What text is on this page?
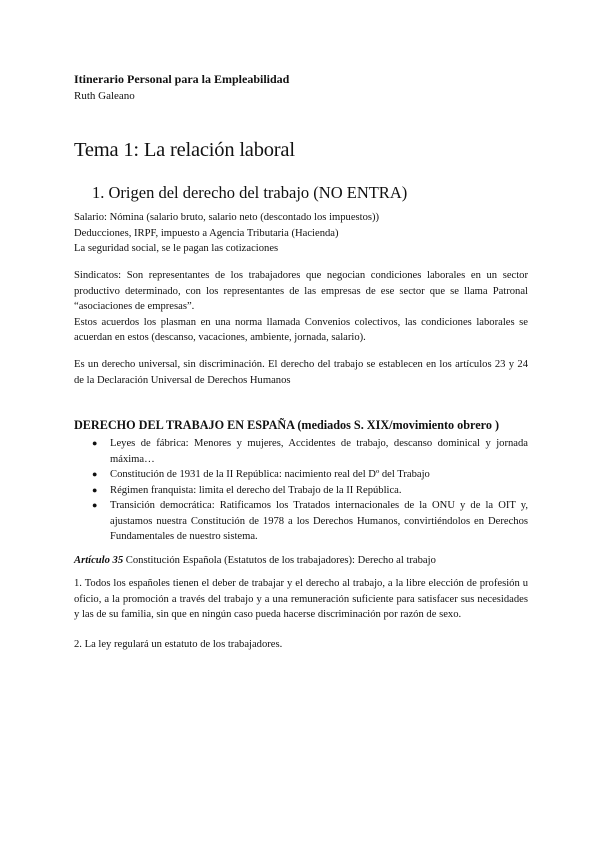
Itinerario Personal para la Empleabilidad

Ruth Galeano

Tema 1: La relación laboral
1. Origen del derecho del trabajo (NO ENTRA)
Salario: Nómina (salario bruto, salario neto (descontado los impuestos))
Deducciones, IRPF, impuesto a Agencia Tributaria (Hacienda)
La seguridad social, se le pagan las cotizaciones
Sindicatos: Son representantes de los trabajadores que negocian condiciones laborales en un sector productivo determinado, con los representantes de las empresas de ese sector que se llama Patronal “asociaciones de empresas”.
Estos acuerdos los plasman en una norma llamada Convenios colectivos, las condiciones laborales se acuerdan en estos (descanso, vacaciones, ambiente, jornada, salario).
Es un derecho universal, sin discriminación. El derecho del trabajo se establecen en los artículos 23 y 24 de la Declaración Universal de Derechos Humanos
DERECHO DEL TRABAJO EN ESPAÑA (mediados S. XIX/movimiento obrero )
● Leyes de fábrica: Menores y mujeres, Accidentes de trabajo, descanso dominical y jornada máxima…
● Constitución de 1931 de la II República: nacimiento real del Dº del Trabajo
● Régimen franquista: limita el derecho del Trabajo de la II República.
● Transición democrática: Ratificamos los Tratados internacionales de la ONU y de la OIT y, ajustamos nuestra Constitución de 1978 a los Derechos Humanos, convirtiéndolos en Derechos Fundamentales de nuestro sistema.

Artículo 35 Constitución Española (Estatutos de los trabajadores): Derecho al trabajo

1. Todos los españoles tienen el deber de trabajar y el derecho al trabajo, a la libre elección de profesión u oficio, a la promoción a través del trabajo y a una remuneración suficiente para satisfacer sus necesidades y las de su familia, sin que en ningún caso pueda hacerse discriminación por razón de sexo.
2. La ley regulará un estatuto de los trabajadores.
